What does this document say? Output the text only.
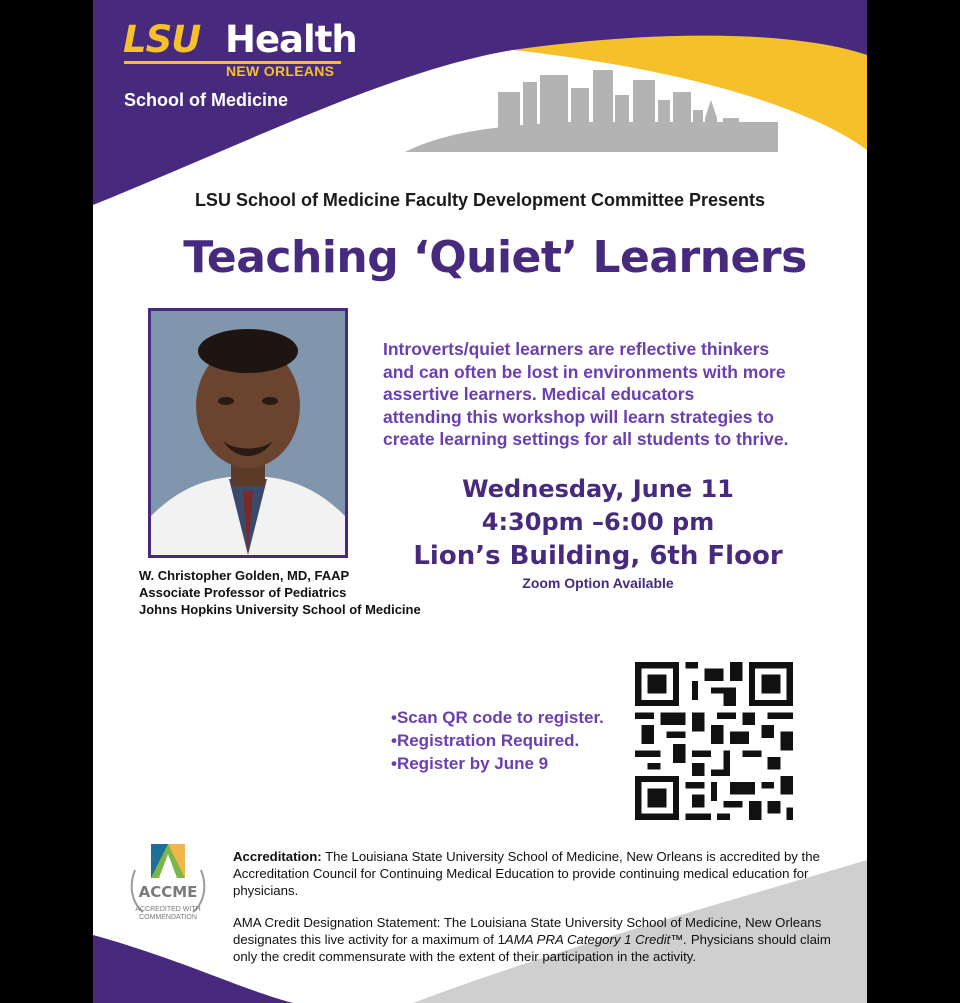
LSU Health
NEW ORLEANS
School of Medicine
LSU School of Medicine Faculty Development Committee Presents
Teaching ‘Quiet’ Learners
W. Christopher Golden, MD, FAAP
Associate Professor of Pediatrics
Johns Hopkins University School of Medicine
Introverts/quiet learners are reflective thinkers
and can often be lost in environments with more
assertive learners. Medical educators
attending this workshop will learn strategies to
create learning settings for all students to thrive.
Wednesday, June 11
4:30pm –6:00 pm
Lion’s Building, 6th Floor
Zoom Option Available
•Scan QR code to register.
•Registration Required.
•Register by June 9
ACCME
ACCREDITED WITH
COMMENDATION
Accreditation: The Louisiana State University School of Medicine, New Orleans is accredited by the Accreditation Council for Continuing Medical Education to provide continuing medical education for physicians.
AMA Credit Designation Statement: The Louisiana State University School of Medicine, New Orleans designates this live activity for a maximum of 1AMA PRA Category 1 Credit™. Physicians should claim only the credit commensurate with the extent of their participation in the activity.
